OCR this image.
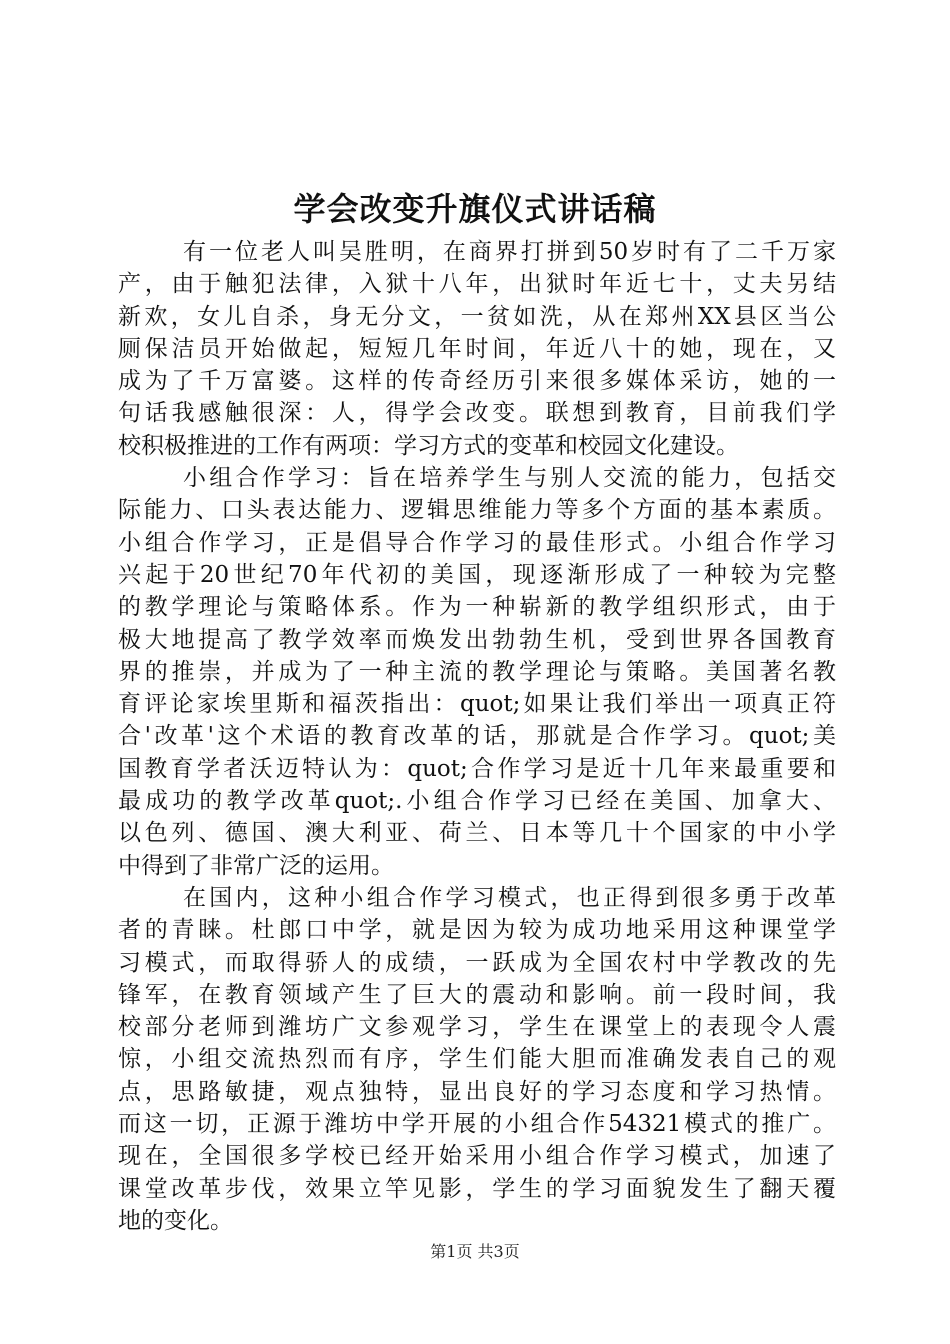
学会改变升旗仪式讲话稿
有一位老人叫吴胜明，在商界打拼到50岁时有了二千万家
产，由于触犯法律，入狱十八年，出狱时年近七十，丈夫另结
新欢，女儿自杀，身无分文，一贫如洗，从在郑州XX县区当公
厕保洁员开始做起，短短几年时间，年近八十的她，现在，又
成为了千万富婆。这样的传奇经历引来很多媒体采访，她的一
句话我感触很深：人，得学会改变。联想到教育，目前我们学
校积极推进的工作有两项：学习方式的变革和校园文化建设。
小组合作学习：旨在培养学生与别人交流的能力，包括交
际能力、口头表达能力、逻辑思维能力等多个方面的基本素质。
小组合作学习，正是倡导合作学习的最佳形式。小组合作学习
兴起于20世纪70年代初的美国，现逐渐形成了一种较为完整
的教学理论与策略体系。作为一种崭新的教学组织形式，由于
极大地提高了教学效率而焕发出勃勃生机，受到世界各国教育
界的推崇，并成为了一种主流的教学理论与策略。美国著名教
育评论家埃里斯和福茨指出：quot;如果让我们举出一项真正符
合'改革'这个术语的教育改革的话，那就是合作学习。quot;美
国教育学者沃迈特认为：quot;合作学习是近十几年来最重要和
最成功的教学改革quot;.小组合作学习已经在美国、加拿大、
以色列、德国、澳大利亚、荷兰、日本等几十个国家的中小学
中得到了非常广泛的运用。
在国内，这种小组合作学习模式，也正得到很多勇于改革
者的青睐。杜郎口中学，就是因为较为成功地采用这种课堂学
习模式，而取得骄人的成绩，一跃成为全国农村中学教改的先
锋军，在教育领域产生了巨大的震动和影响。前一段时间，我
校部分老师到潍坊广文参观学习，学生在课堂上的表现令人震
惊，小组交流热烈而有序，学生们能大胆而准确发表自己的观
点，思路敏捷，观点独特，显出良好的学习态度和学习热情。
而这一切，正源于潍坊中学开展的小组合作54321模式的推广。
现在，全国很多学校已经开始采用小组合作学习模式，加速了
课堂改革步伐，效果立竿见影，学生的学习面貌发生了翻天覆
地的变化。
第1页 共3页
